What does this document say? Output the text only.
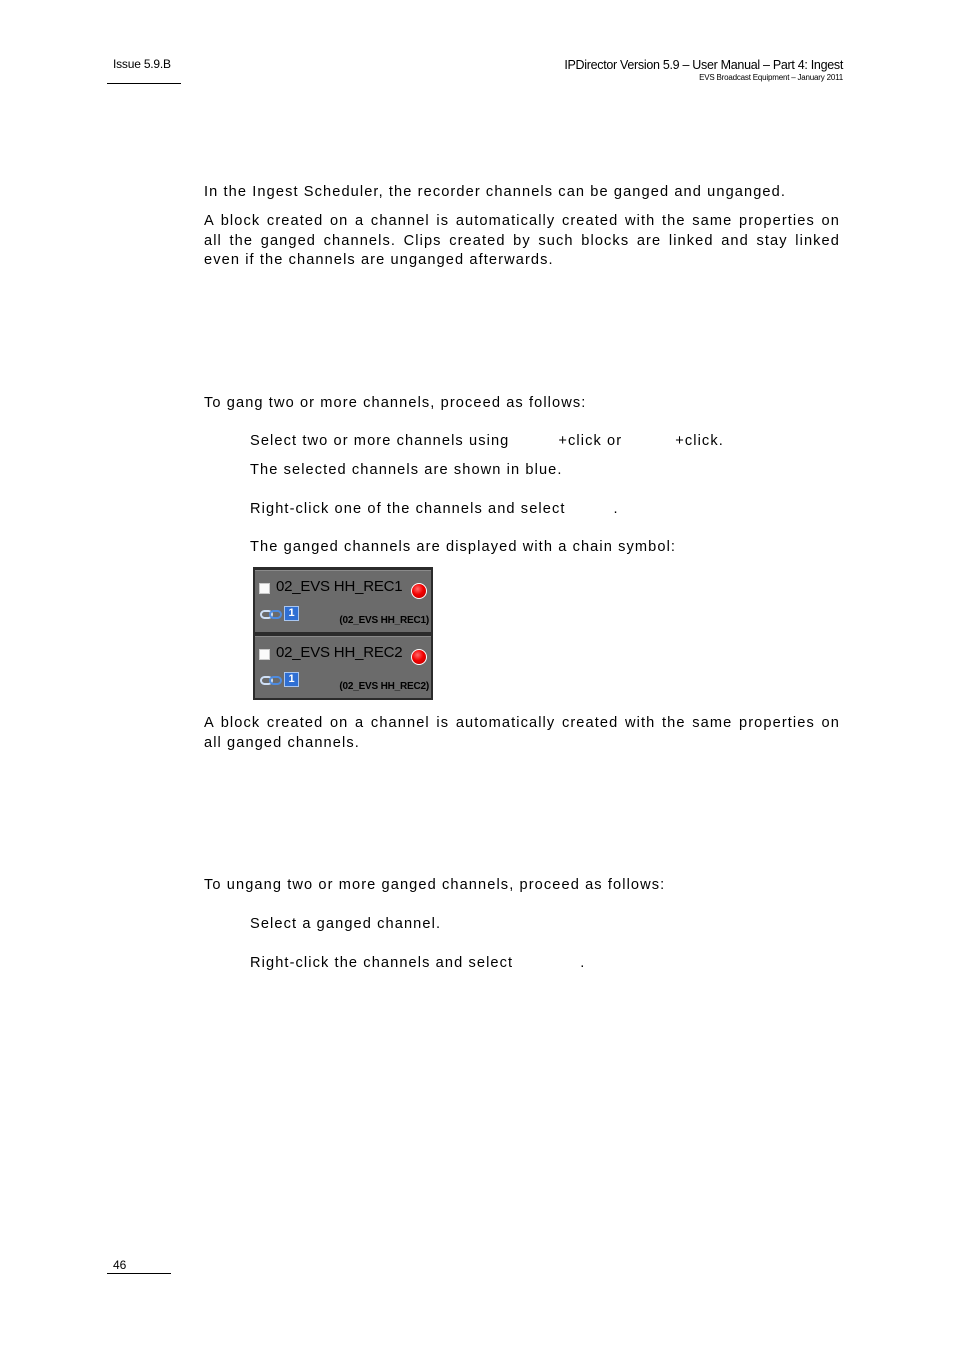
Issue 5.9.B	IPDirector Version 5.9 – User Manual – Part 4: Ingest
EVS Broadcast Equipment – January 2011
In the Ingest Scheduler, the recorder channels can be ganged and unganged.
A block created on a channel is automatically created with the same properties on all the ganged channels. Clips created by such blocks are linked and stay linked even if the channels are unganged afterwards.
To gang two or more channels, proceed as follows:
Select two or more channels using	+click or	+click.
The selected channels are shown in blue.
Right-click one of the channels and select	.
The ganged channels are displayed with a chain symbol:
02_EVS HH_REC1
1
(02_EVS HH_REC1)
02_EVS HH_REC2
1
(02_EVS HH_REC2)
A block created on a channel is automatically created with the same properties on all ganged channels.
To ungang two or more ganged channels, proceed as follows:
Select a ganged channel.
Right-click the channels and select	.
46
